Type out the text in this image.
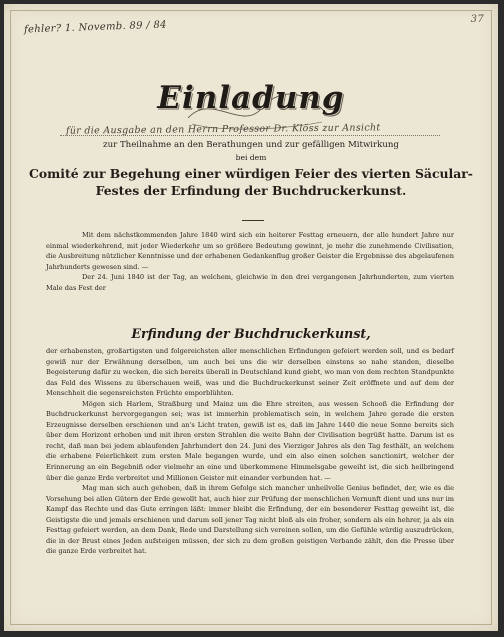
fehler? 1. Novemb. 89 / 84
37
Einladung
für die Ausgabe an den Herrn Professor Dr. Klöss zur Ansicht
zur Theilnahme an den Berathungen und zur gefälligen Mitwirkung
bei dem
Comité zur Begehung einer würdigen Feier des vierten Säcular-
Festes der Erfindung der Buchdruckerkunst.

Mit dem nächstkommenden Jahre 1840 wird sich ein heiterer Festtag erneuern, der alle hundert Jahre nur einmal wiederkehrend, mit jeder Wiederkehr um so größere Bedeutung gewinnt, je mehr die zunehmende Civilisation, die Ausbreitung nützlicher Kenntnisse und der erhabenen Gedankenflug großer Geister die Ergebnisse des abgelaufenen Jahrhunderts gewesen sind. —

Der 24. Juni 1840 ist der Tag, an welchem, gleichwie in den drei vergangenen Jahrhunderten, zum vierten Male das Fest der

Erfindung der Buchdruckerkunst,

der erhabensten, großartigsten und folgereichsten aller menschlichen Erfindungen gefeiert werden soll, und es bedarf gewiß nur der Erwähnung derselben, um auch bei uns die wir derselben einstens so nahe standen, dieselbe Begeisterung dafür zu wecken, die sich bereits überall in Deutschland kund giebt, wo man von dem rechten Standpunkte das Feld des Wissens zu überschauen weiß, was und die Buchdruckerkunst seiner Zeit eröffnete und auf dem der Menschheit die segensreichsten Früchte emporblühten.

Mögen sich Harlem, Straßburg und Mainz um die Ehre streiten, aus wessen Schooß die Erfindung der Buchdruckerkunst hervorgegangen sei; was ist immerhin problematisch sein, in welchem Jahre gerade die ersten Erzeugnisse derselben erschienen und an's Licht traten, gewiß ist es, daß im Jahre 1440 die neue Sonne bereits sich über dem Horizont erhoben und mit ihren ersten Strahlen die weite Bahn der Civilisation begrüßt hatte. Darum ist es recht, daß man bei jedem ablaufenden Jahrhundert den 24. Juni des Vierziger Jahres als den Tag festhält, an welchem die erhabene Feierlichkeit zum ersten Male begangen wurde, und ein also einen solchen sanctionirt, welcher der Erinnerung an ein Begebniß oder vielmehr an eine und überkommene Himmelsgabe geweiht ist, die sich heilbringend über die ganze Erde verbreitet und Millionen Geister mit einander verbunden hat. —

Mag man sich auch gehoben, daß in ihrem Gefolge sich mancher unheilvolle Genius befindet, der, wie es die Vorsehung bei allen Gütern der Erde gewollt hat, auch hier zur Prüfung der menschlichen Vernunft dient und uns nur im Kampf das Rechte und das Gute erringen läßt: immer bleibt die Erfindung, der ein besonderer Festtag geweiht ist, die Geistigste die und jemals erschienen und darum soll jener Tag nicht bloß als ein froher, sondern als ein hehrer, ja als ein Festtag gefeiert werden, an dem Dank, Rede und Darstellung sich vereinen sollen, um die Gefühle würdig auszudrücken, die in der Brust eines Jeden aufsteigen müssen, der sich zu dem großen geistigen Verbande zählt, den die Presse über die ganze Erde verbreitet hat.
